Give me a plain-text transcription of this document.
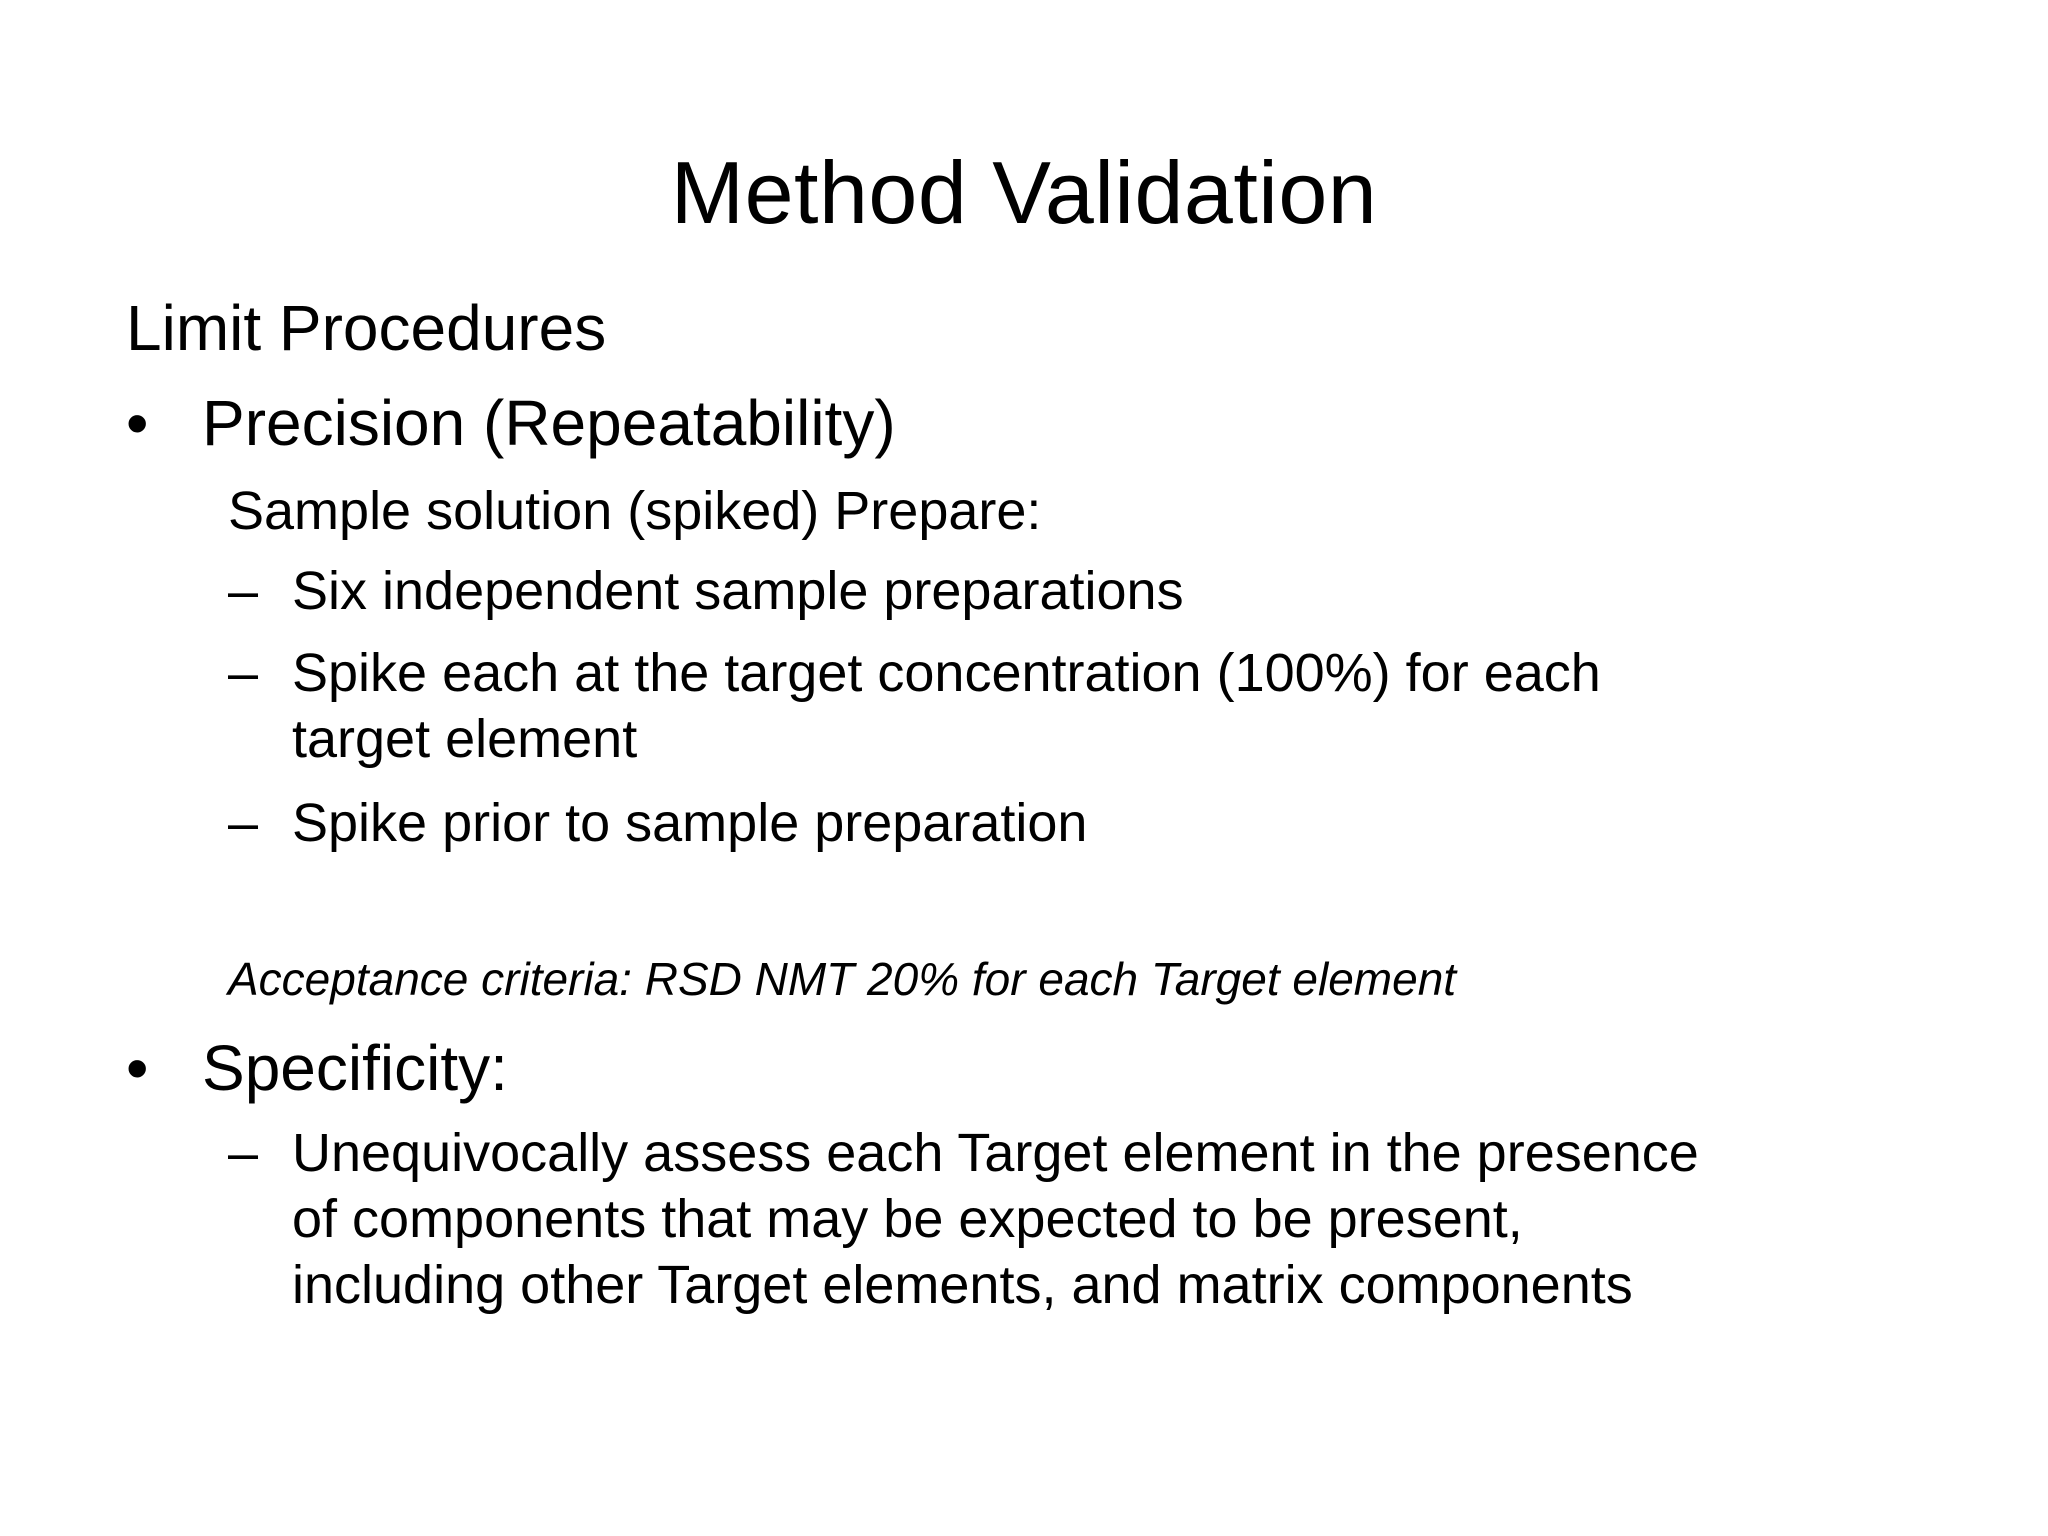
Method Validation
Limit Procedures
• Precision (Repeatability)
Sample solution (spiked) Prepare:
– Six independent sample preparations
– Spike each at the target concentration (100%) for each
target element
– Spike prior to sample preparation
Acceptance criteria: RSD NMT 20% for each Target element
• Specificity:
– Unequivocally assess each Target element in the presence
of components that may be expected to be present,
including other Target elements, and matrix components
